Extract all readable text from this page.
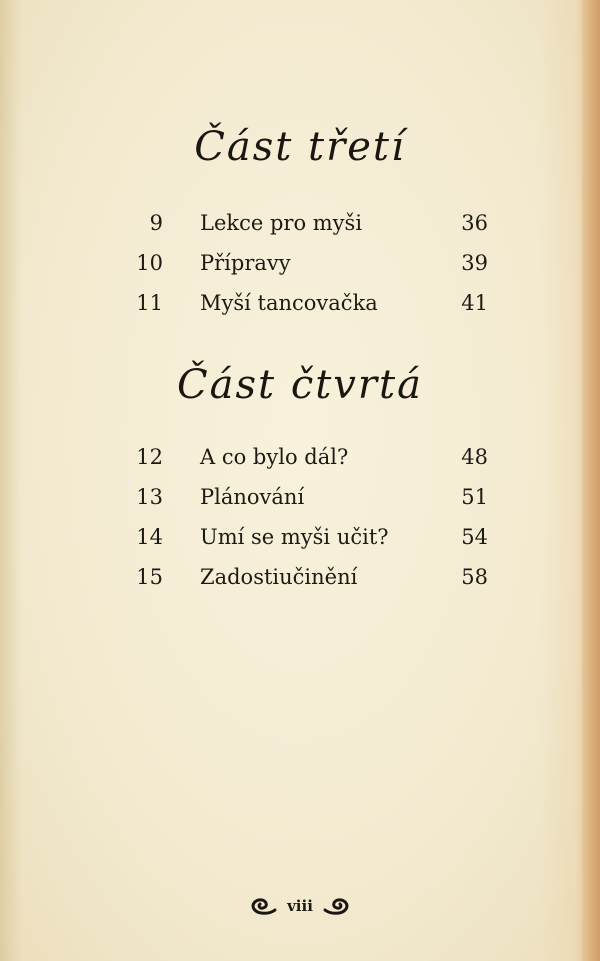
Část třetí
9 Lekce pro myši	36
10 Přípravy	39
11 Myší tancovačka	41
Část čtvrtá
12 A co bylo dál?	48
13 Plánování	51
14 Umí se myši učit?	54
15 Zadostiučinění	58
viii
